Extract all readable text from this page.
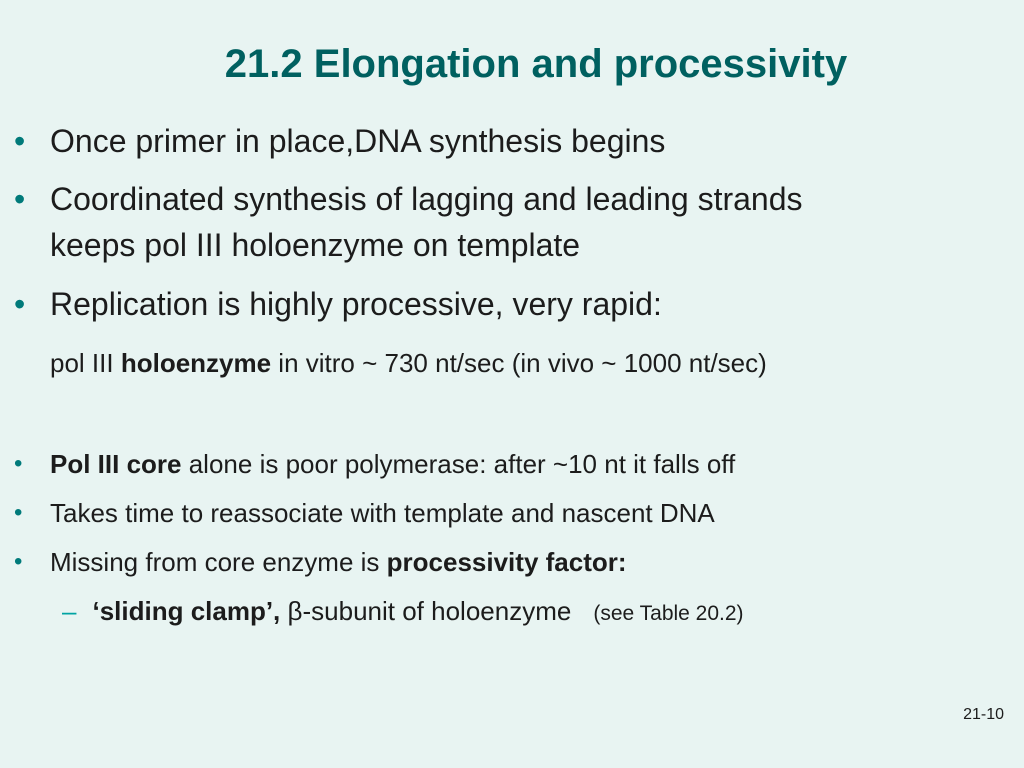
21.2 Elongation and processivity
• Once primer in place,DNA synthesis begins
• Coordinated synthesis of lagging and leading strands
keeps pol III holoenzyme on template
• Replication is highly processive, very rapid:
pol III holoenzyme in vitro ~ 730 nt/sec (in vivo ~ 1000 nt/sec)
•	Pol III core alone is poor polymerase: after ~10 nt it falls off
•	Takes time to reassociate with template and nascent DNA
•	Missing from core enzyme is processivity factor:
– ‘sliding clamp’, β-subunit of holoenzyme (see Table 20.2)
21-10
